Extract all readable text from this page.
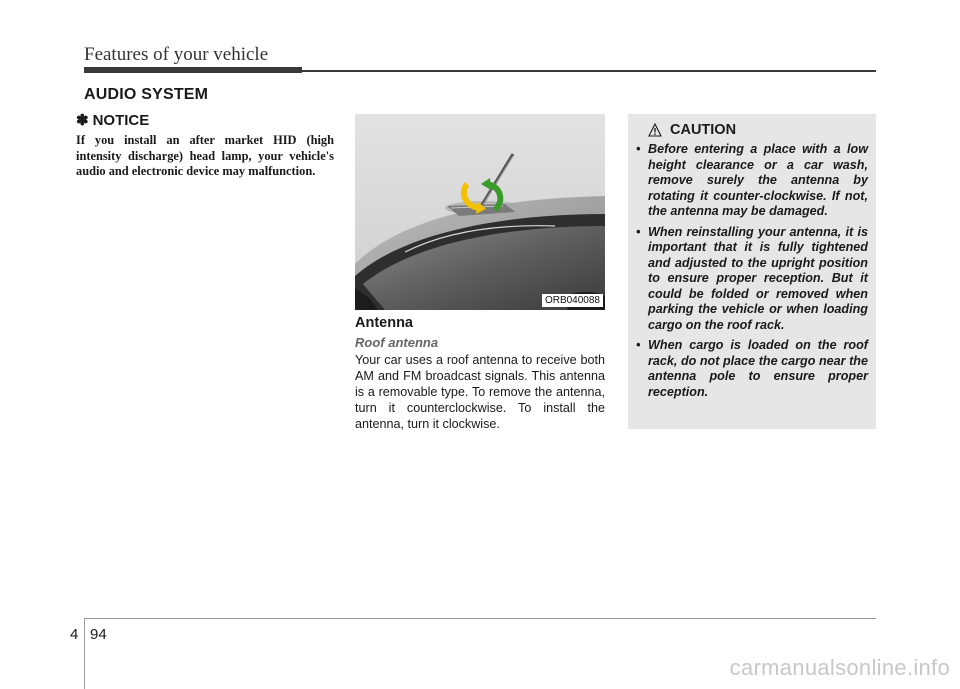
Features of your vehicle
AUDIO SYSTEM
✽ NOTICE
If you install an after market HID (high intensity discharge) head lamp, your vehicle's audio and electronic device may malfunction.
ORB040088
Antenna
Roof antenna
Your car uses a roof antenna to receive both AM and FM broadcast signals. This antenna is a removable type. To remove the antenna, turn it counterclockwise. To install the antenna, turn it clockwise.
CAUTION
• Before entering a place with a low height clearance or a car wash, remove surely the antenna by rotating it counter-clockwise. If not, the antenna may be damaged.
• When reinstalling your antenna, it is important that it is fully tightened and adjusted to the upright position to ensure proper reception. But it could be folded or removed when parking the vehicle or when loading cargo on the roof rack.
• When cargo is loaded on the roof rack, do not place the cargo near the antenna pole to ensure proper reception.
4 94
carmanualsonline.info
